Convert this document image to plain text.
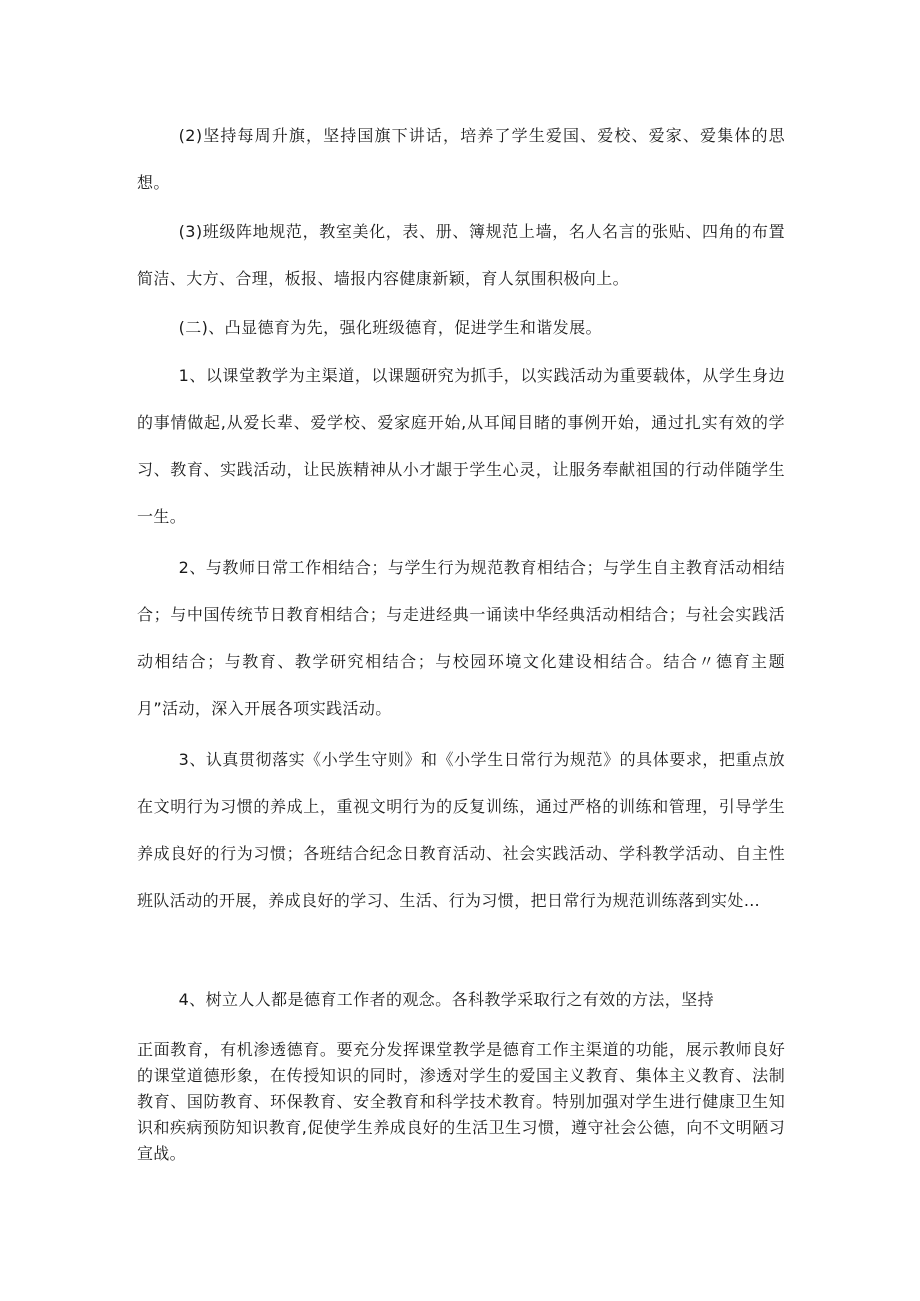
(2)坚持每周升旗，坚持国旗下讲话，培养了学生爱国、爱校、爱家、爱集体的思想。

(3)班级阵地规范，教室美化，表、册、簿规范上墙，名人名言的张贴、四角的布置简洁、大方、合理，板报、墙报内容健康新颖，育人氛围积极向上。

(二)、凸显德育为先，强化班级德育，促进学生和谐发展。

1、以课堂教学为主渠道，以课题研究为抓手，以实践活动为重要载体，从学生身边的事情做起,从爱长辈、爱学校、爱家庭开始,从耳闻目睹的事例开始，通过扎实有效的学习、教育、实践活动，让民族精神从小才龈于学生心灵，让服务奉献祖国的行动伴随学生一生。

2、与教师日常工作相结合；与学生行为规范教育相结合；与学生自主教育活动相结合；与中国传统节日教育相结合；与走进经典一诵读中华经典活动相结合；与社会实践活动相结合；与教育、教学研究相结合；与校园环境文化建设相结合。结合〃德育主题月”活动，深入开展各项实践活动。

3、认真贯彻落实《小学生守则》和《小学生日常行为规范》的具体要求，把重点放在文明行为习惯的养成上，重视文明行为的反复训练，通过严格的训练和管理，引导学生养成良好的行为习惯；各班结合纪念日教育活动、社会实践活动、学科教学活动、自主性班队活动的开展，养成良好的学习、生活、行为习惯，把日常行为规范训练落到实处…

4、树立人人都是德育工作者的观念。各科教学采取行之有效的方法，坚持

正面教育，有机渗透德育。要充分发挥课堂教学是德育工作主渠道的功能，展示教师良好的课堂道德形象，在传授知识的同时，渗透对学生的爱国主义教育、集体主义教育、法制教育、国防教育、环保教育、安全教育和科学技术教育。特别加强对学生进行健康卫生知识和疾病预防知识教育,促使学生养成良好的生活卫生习惯，遵守社会公德，向不文明陋习宣战。
